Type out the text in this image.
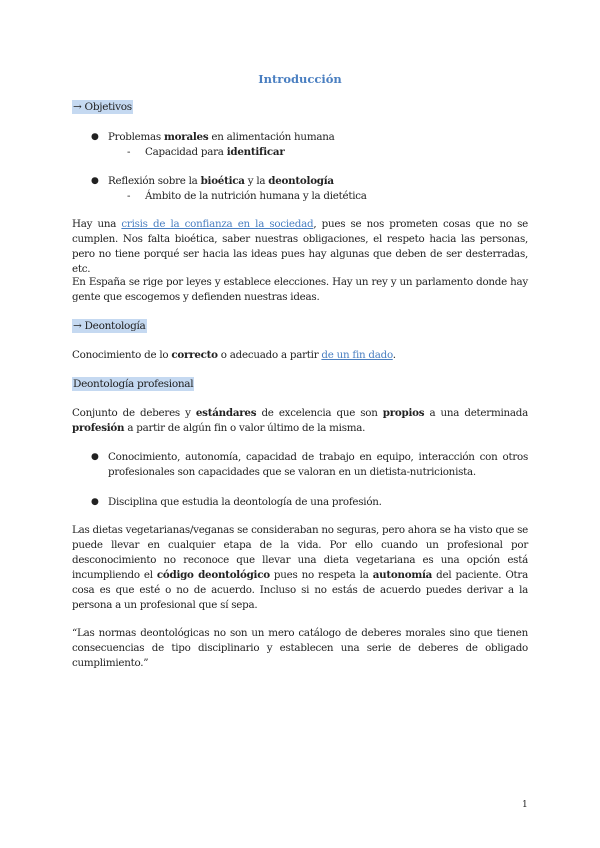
Introducción
→ Objetivos
● Problemas morales en alimentación humana
- Capacidad para identificar
● Reflexión sobre la bioética y la deontología
- Ámbito de la nutrición humana y la dietética
Hay una crisis de la confianza en la sociedad, pues se nos prometen cosas que no se cumplen. Nos falta bioética, saber nuestras obligaciones, el respeto hacia las personas, pero no tiene porqué ser hacia las ideas pues hay algunas que deben de ser desterradas, etc.
En España se rige por leyes y establece elecciones. Hay un rey y un parlamento donde hay gente que escogemos y defienden nuestras ideas.
→ Deontología
Conocimiento de lo correcto o adecuado a partir de un fin dado.
Deontología profesional
Conjunto de deberes y estándares de excelencia que son propios a una determinada profesión a partir de algún fin o valor último de la misma.
● Conocimiento, autonomía, capacidad de trabajo en equipo, interacción con otros profesionales son capacidades que se valoran en un dietista-nutricionista.
● Disciplina que estudia la deontología de una profesión.
Las dietas vegetarianas/veganas se consideraban no seguras, pero ahora se ha visto que se puede llevar en cualquier etapa de la vida. Por ello cuando un profesional por desconocimiento no reconoce que llevar una dieta vegetariana es una opción está incumpliendo el código deontológico pues no respeta la autonomía del paciente. Otra cosa es que esté o no de acuerdo. Incluso si no estás de acuerdo puedes derivar a la persona a un profesional que sí sepa.
“Las normas deontológicas no son un mero catálogo de deberes morales sino que tienen consecuencias de tipo disciplinario y establecen una serie de deberes de obligado cumplimiento.”
1
